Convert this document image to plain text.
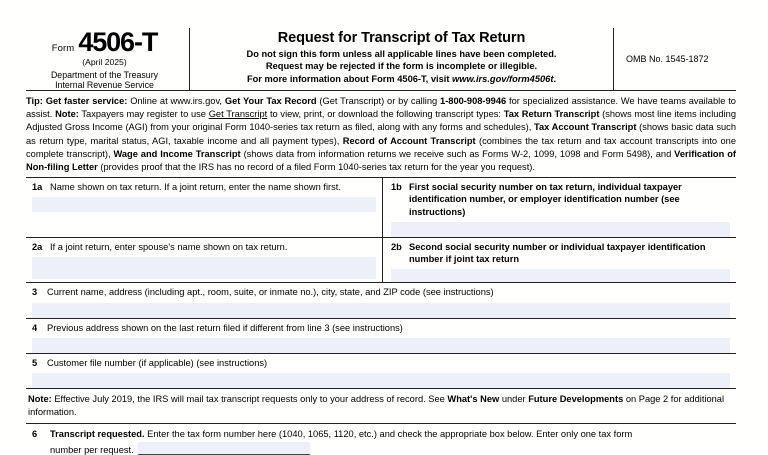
Form 4506-T
(April 2025)
Department of the Treasury
Internal Revenue Service
Request for Transcript of Tax Return
Do not sign this form unless all applicable lines have been completed.
Request may be rejected if the form is incomplete or illegible.
For more information about Form 4506-T, visit www.irs.gov/form4506t.
OMB No. 1545-1872
Tip: Get faster service: Online at www.irs.gov, Get Your Tax Record (Get Transcript) or by calling 1-800-908-9946 for specialized assistance. We have teams available to assist. Note: Taxpayers may register to use Get Transcript to view, print, or download the following transcript types: Tax Return Transcript (shows most line items including Adjusted Gross Income (AGI) from your original Form 1040-series tax return as filed, along with any forms and schedules), Tax Account Transcript (shows basic data such as return type, marital status, AGI, taxable income and all payment types), Record of Account Transcript (combines the tax return and tax account transcripts into one complete transcript), Wage and Income Transcript (shows data from information returns we receive such as Forms W-2, 1099, 1098 and Form 5498), and Verification of Non-filing Letter (provides proof that the IRS has no record of a filed Form 1040-series tax return for the year you request).
1a Name shown on tax return. If a joint return, enter the name shown first.	1b First social security number on tax return, individual taxpayer identification number, or employer identification number (see instructions)
2a If a joint return, enter spouse's name shown on tax return.	2b Second social security number or individual taxpayer identification number if joint tax return
3	Current name, address (including apt., room, suite, or inmate no.), city, state, and ZIP code (see instructions)
4	Previous address shown on the last return filed if different from line 3 (see instructions)
5	Customer file number (if applicable) (see instructions)
Note: Effective July 2019, the IRS will mail tax transcript requests only to your address of record. See What's New under Future Developments on Page 2 for additional information.
6	Transcript requested. Enter the tax form number here (1040, 1065, 1120, etc.) and check the appropriate box below. Enter only one tax form
number per request.
